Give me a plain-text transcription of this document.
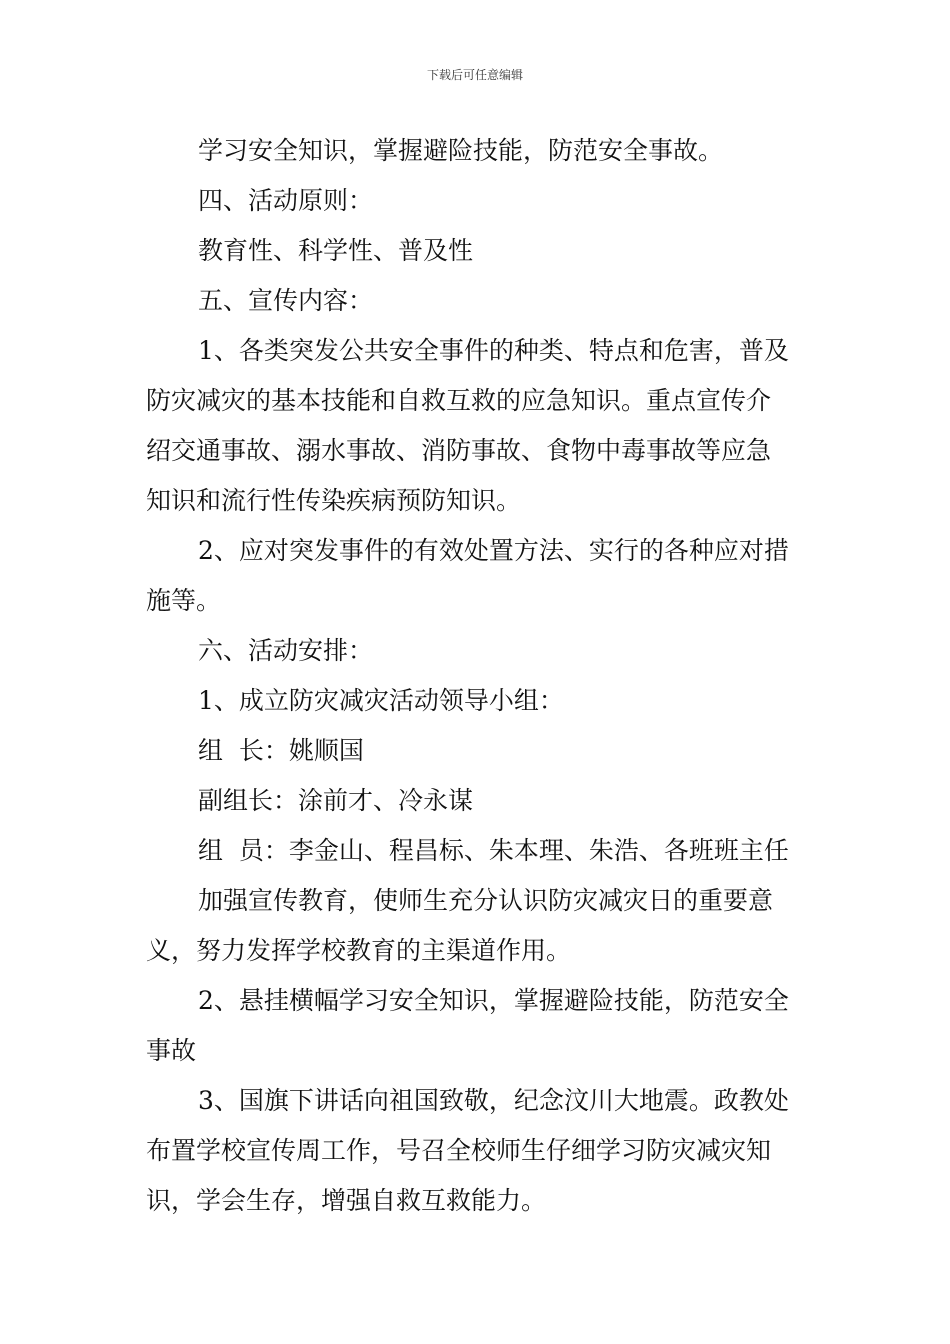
下载后可任意编辑

学习安全知识，掌握避险技能，防范安全事故。

四、活动原则：

教育性、科学性、普及性

五、宣传内容：

1、各类突发公共安全事件的种类、特点和危害，普及

防灾减灾的基本技能和自救互救的应急知识。重点宣传介

绍交通事故、溺水事故、消防事故、食物中毒事故等应急

知识和流行性传染疾病预防知识。

2、应对突发事件的有效处置方法、实行的各种应对措

施等。

六、活动安排：

1、成立防灾减灾活动领导小组：

组  长：姚顺国

副组长：涂前才、冷永谋

组  员：李金山、程昌标、朱本理、朱浩、各班班主任

加强宣传教育，使师生充分认识防灾减灾日的重要意

义，努力发挥学校教育的主渠道作用。

2、悬挂横幅学习安全知识，掌握避险技能，防范安全

事故

3、国旗下讲话向祖国致敬，纪念汶川大地震。政教处

布置学校宣传周工作，号召全校师生仔细学习防灾减灾知

识，学会生存，增强自救互救能力。
